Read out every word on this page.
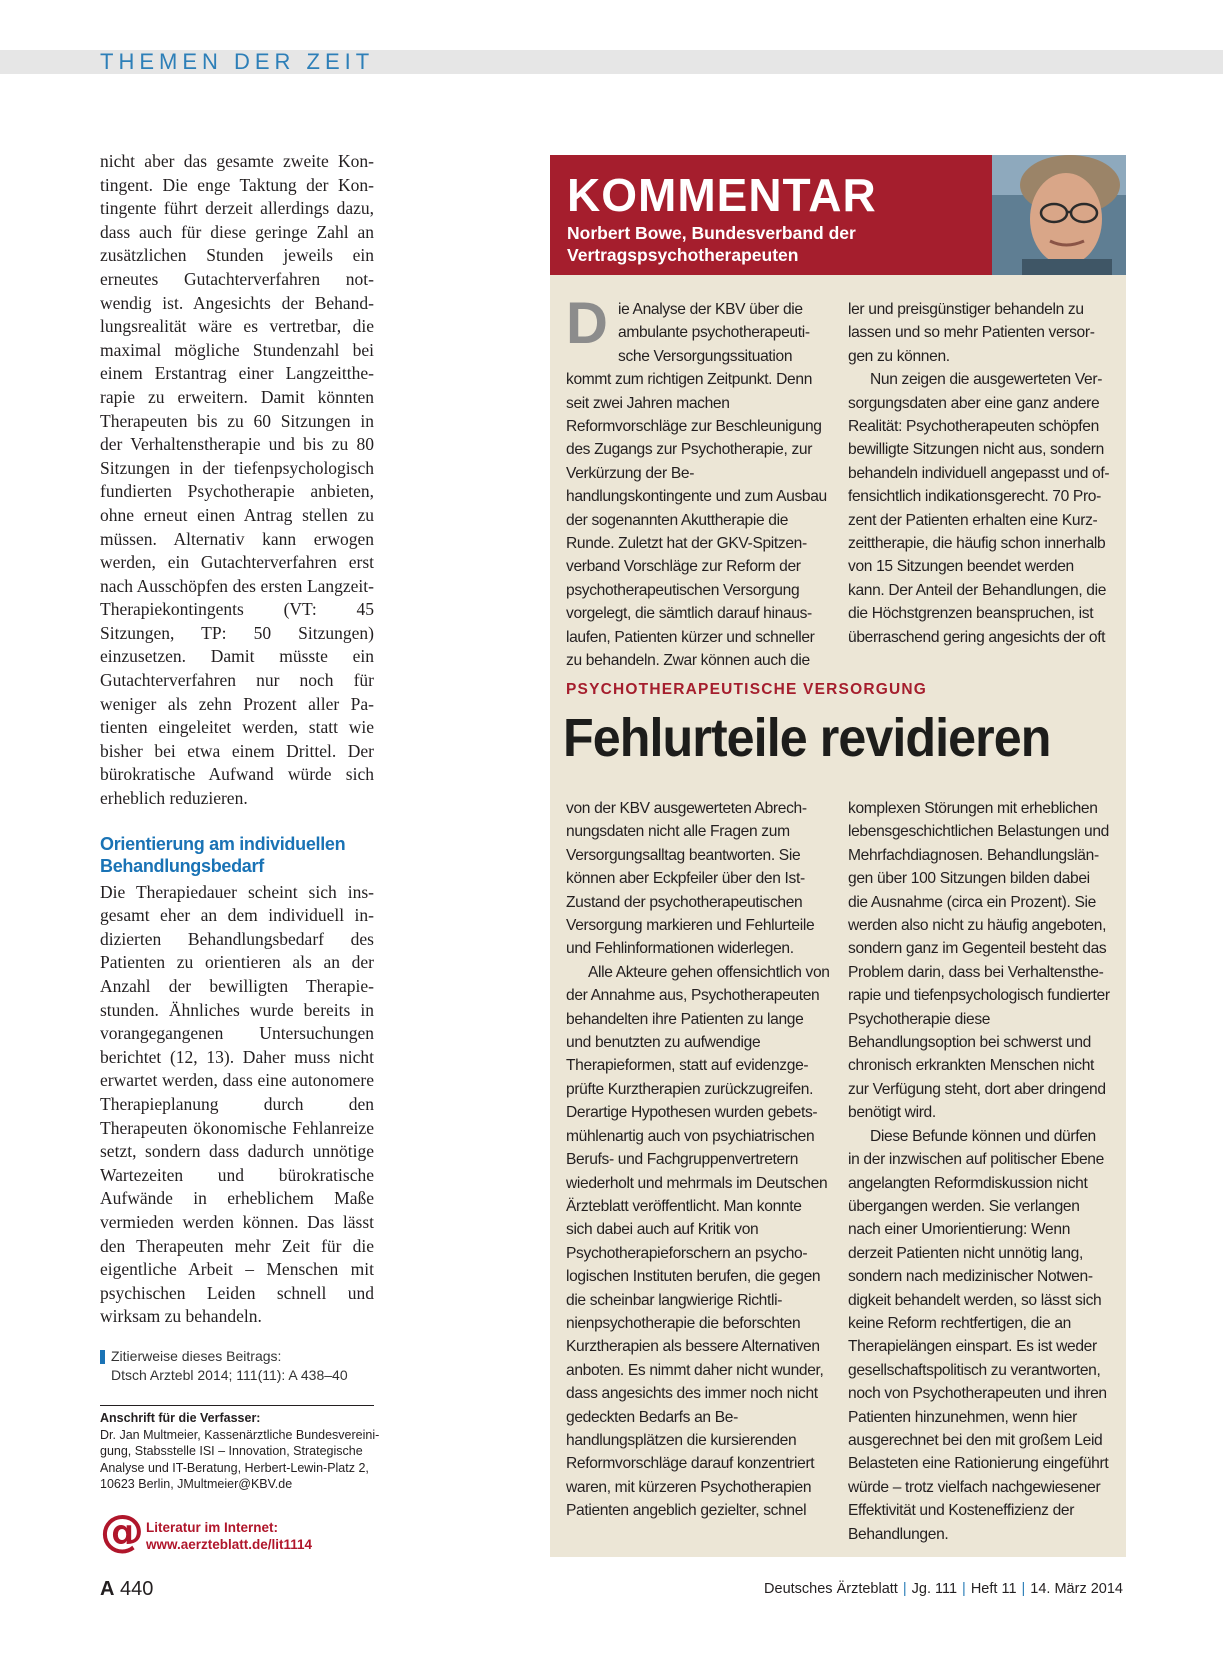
THEMEN DER ZEIT

nicht aber das gesamte zweite Kontingent. Die enge Taktung der Kontingente führt derzeit allerdings dazu, dass auch für diese geringe Zahl an zusätzlichen Stunden jeweils ein erneutes Gutachterverfahren notwendig ist. Angesichts der Behandlungsrealität wäre es vertretbar, die maximal mögliche Stundenzahl bei einem Erstantrag einer Langzeittherapie zu erweitern. Damit könnten Therapeuten bis zu 60 Sitzungen in der Verhaltenstherapie und bis zu 80 Sitzungen in der tiefenpsychologisch fundierten Psychotherapie anbieten, ohne erneut einen Antrag stellen zu müssen. Alternativ kann erwogen werden, ein Gutachterverfahren erst nach Ausschöpfen des ersten Langzeit-Therapiekontingents (VT: 45 Sitzungen, TP: 50 Sitzungen) einzusetzen. Damit müsste ein Gutachterverfahren nur noch für weniger als zehn Prozent aller Patienten eingeleitet werden, statt wie bisher bei etwa einem Drittel. Der bürokratische Aufwand würde sich erheblich reduzieren.

Orientierung am individuellen Behandlungsbedarf

Die Therapiedauer scheint sich insgesamt eher an dem individuell indizierten Behandlungsbedarf des Patienten zu orientieren als an der Anzahl der bewilligten Therapiestunden. Ähnliches wurde bereits in vorangegangenen Untersuchungen berichtet (12, 13). Daher muss nicht erwartet werden, dass eine autonomere Therapieplanung durch den Therapeuten ökonomische Fehlanreize setzt, sondern dass dadurch unnötige Wartezeiten und bürokratische Aufwände in erheblichem Maße vermieden werden können. Das lässt den Therapeuten mehr Zeit für die eigentliche Arbeit – Menschen mit psychischen Leiden schnell und wirksam zu behandeln.

Zitierweise dieses Beitrags:
Dtsch Arztebl 2014; 111(11): A 438–40
Anschrift für die Verfasser:
Dr. Jan Multmeier, Kassenärztliche Bundesvereinigung, Stabsstelle ISI – Innovation, Strategische Analyse und IT-Beratung, Herbert-Lewin-Platz 2, 10623 Berlin, JMultmeier@KBV.de
@ Literatur im Internet:
www.aerzteblatt.de/lit1114
KOMMENTAR
Norbert Bowe, Bundesverband der Vertragspsychotherapeuten

Die Analyse der KBV über die ambulante psychotherapeutische Versorgungssituation kommt zum richtigen Zeitpunkt. Denn seit zwei Jahren machen Reformvorschläge zur Beschleunigung des Zugangs zur Psychotherapie, zur Verkürzung der Behandlungskontingente und zum Ausbau der sogenannten Akuttherapie die Runde. Zuletzt hat der GKV-Spitzenverband Vorschläge zur Reform der psychotherapeutischen Versorgung vorgelegt, die sämtlich darauf hinauslaufen, Patienten kürzer und schneller zu behandeln. Zwar können auch die

ler und preisgünstiger behandeln zu lassen und so mehr Patienten versorgen zu können.

Nun zeigen die ausgewerteten Versorgungsdaten aber eine ganz andere Realität: Psychotherapeuten schöpfen bewilligte Sitzungen nicht aus, sondern behandeln individuell angepasst und offensichtlich indikationsgerecht. 70 Prozent der Patienten erhalten eine Kurzzeittherapie, die häufig schon innerhalb von 15 Sitzungen beendet werden kann. Der Anteil der Behandlungen, die die Höchstgrenzen beanspruchen, ist überraschend gering angesichts der oft

PSYCHOTHERAPEUTISCHE VERSORGUNG
Fehlurteile revidieren

von der KBV ausgewerteten Abrechnungsdaten nicht alle Fragen zum Versorgungsalltag beantworten. Sie können aber Eckpfeiler über den Ist-Zustand der psychotherapeutischen Versorgung markieren und Fehlurteile und Fehlinformationen widerlegen.

Alle Akteure gehen offensichtlich von der Annahme aus, Psychotherapeuten behandelten ihre Patienten zu lange und benutzten zu aufwendige Therapieformen, statt auf evidenzgeprüfte Kurztherapien zurückzugreifen. Derartige Hypothesen wurden gebetsmühlenartig auch von psychiatrischen Berufs- und Fachgruppenvertretern wiederholt und mehrmals im Deutschen Ärzteblatt veröffentlicht. Man konnte sich dabei auch auf Kritik von Psychotherapieforschern an psychologischen Instituten berufen, die gegen die scheinbar langwierige Richtlinienpsychotherapie die beforschten Kurztherapien als bessere Alternativen anboten. Es nimmt daher nicht wunder, dass angesichts des immer noch nicht gedeckten Bedarfs an Behandlungsplätzen die kursierenden Reformvorschläge darauf konzentriert waren, mit kürzeren Psychotherapien Patienten angeblich gezielter, schnel

komplexen Störungen mit erheblichen lebensgeschichtlichen Belastungen und Mehrfachdiagnosen. Behandlungslängen über 100 Sitzungen bilden dabei die Ausnahme (circa ein Prozent). Sie werden also nicht zu häufig angeboten, sondern ganz im Gegenteil besteht das Problem darin, dass bei Verhaltenstherapie und tiefenpsychologisch fundierter Psychotherapie diese Behandlungsoption bei schwerst und chronisch erkrankten Menschen nicht zur Verfügung steht, dort aber dringend benötigt wird.

Diese Befunde können und dürfen in der inzwischen auf politischer Ebene angelangten Reformdiskussion nicht übergangen werden. Sie verlangen nach einer Umorientierung: Wenn derzeit Patienten nicht unnötig lang, sondern nach medizinischer Notwendigkeit behandelt werden, so lässt sich keine Reform rechtfertigen, die an Therapielängen einspart. Es ist weder gesellschaftspolitisch zu verantworten, noch von Psychotherapeuten und ihren Patienten hinzunehmen, wenn hier ausgerechnet bei den mit großem Leid Belasteten eine Rationierung eingeführt würde – trotz vielfach nachgewiesener Effektivität und Kosteneffizienz der Behandlungen.

A 440	Deutsches Ärzteblatt | Jg. 111 | Heft 11 | 14. März 2014
